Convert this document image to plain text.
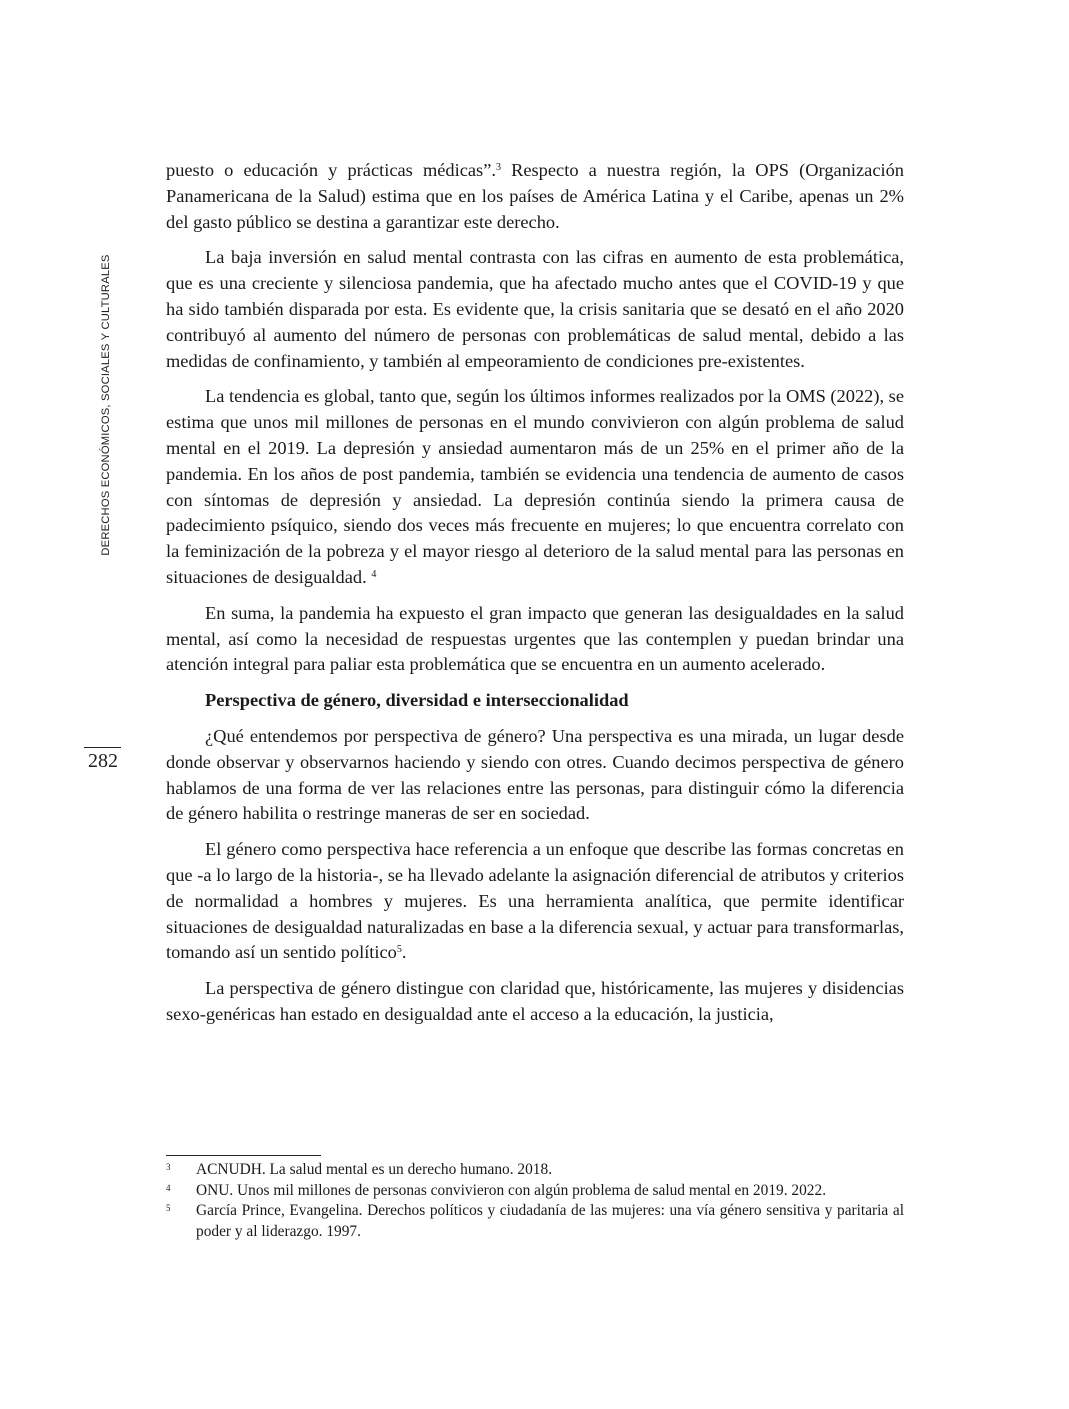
DERECHOS ECONÓMICOS, SOCIALES Y CULTURALES
282

puesto o educación y prácticas médicas”.$^3$ Respecto a nuestra región, la OPS (Organización Panamericana de la Salud) estima que en los países de América Latina y el Caribe, apenas un 2% del gasto público se destina a garantizar este derecho.

La baja inversión en salud mental contrasta con las cifras en aumento de esta problemática, que es una creciente y silenciosa pandemia, que ha afectado mucho antes que el COVID-19 y que ha sido también disparada por esta. Es evidente que, la crisis sanitaria que se desató en el año 2020 contribuyó al aumento del número de personas con problemáticas de salud mental, debido a las medidas de confinamiento, y también al empeoramiento de condiciones pre-existentes.

La tendencia es global, tanto que, según los últimos informes realizados por la OMS (2022), se estima que unos mil millones de personas en el mundo convivieron con algún problema de salud mental en el 2019. La depresión y ansiedad aumentaron más de un 25% en el primer año de la pandemia. En los años de post pandemia, también se evidencia una tendencia de aumento de casos con síntomas de depresión y ansiedad. La depresión continúa siendo la primera causa de padecimiento psíquico, siendo dos veces más frecuente en mujeres; lo que encuentra correlato con la feminización de la pobreza y el mayor riesgo al deterioro de la salud mental para las personas en situaciones de desigualdad. $^4$

En suma, la pandemia ha expuesto el gran impacto que generan las desigualdades en la salud mental, así como la necesidad de respuestas urgentes que las contemplen y puedan brindar una atención integral para paliar esta problemática que se encuentra en un aumento acelerado.

Perspectiva de género, diversidad e interseccionalidad

¿Qué entendemos por perspectiva de género? Una perspectiva es una mirada, un lugar desde donde observar y observarnos haciendo y siendo con otres. Cuando decimos perspectiva de género hablamos de una forma de ver las relaciones entre las personas, para distinguir cómo la diferencia de género habilita o restringe maneras de ser en sociedad.

El género como perspectiva hace referencia a un enfoque que describe las formas concretas en que -a lo largo de la historia-, se ha llevado adelante la asignación diferencial de atributos y criterios de normalidad a hombres y mujeres. Es una herramienta analítica, que permite identificar situaciones de desigualdad naturalizadas en base a la diferencia sexual, y actuar para transformarlas, tomando así un sentido político$^5$.

La perspectiva de género distingue con claridad que, históricamente, las mujeres y disidencias sexo-genéricas han estado en desigualdad ante el acceso a la educación, la justicia,

3 ACNUDH. La salud mental es un derecho humano. 2018.
4 ONU. Unos mil millones de personas convivieron con algún problema de salud mental en 2019. 2022.
5 García Prince, Evangelina. Derechos políticos y ciudadanía de las mujeres: una vía género sensitiva y paritaria al poder y al liderazgo. 1997.
